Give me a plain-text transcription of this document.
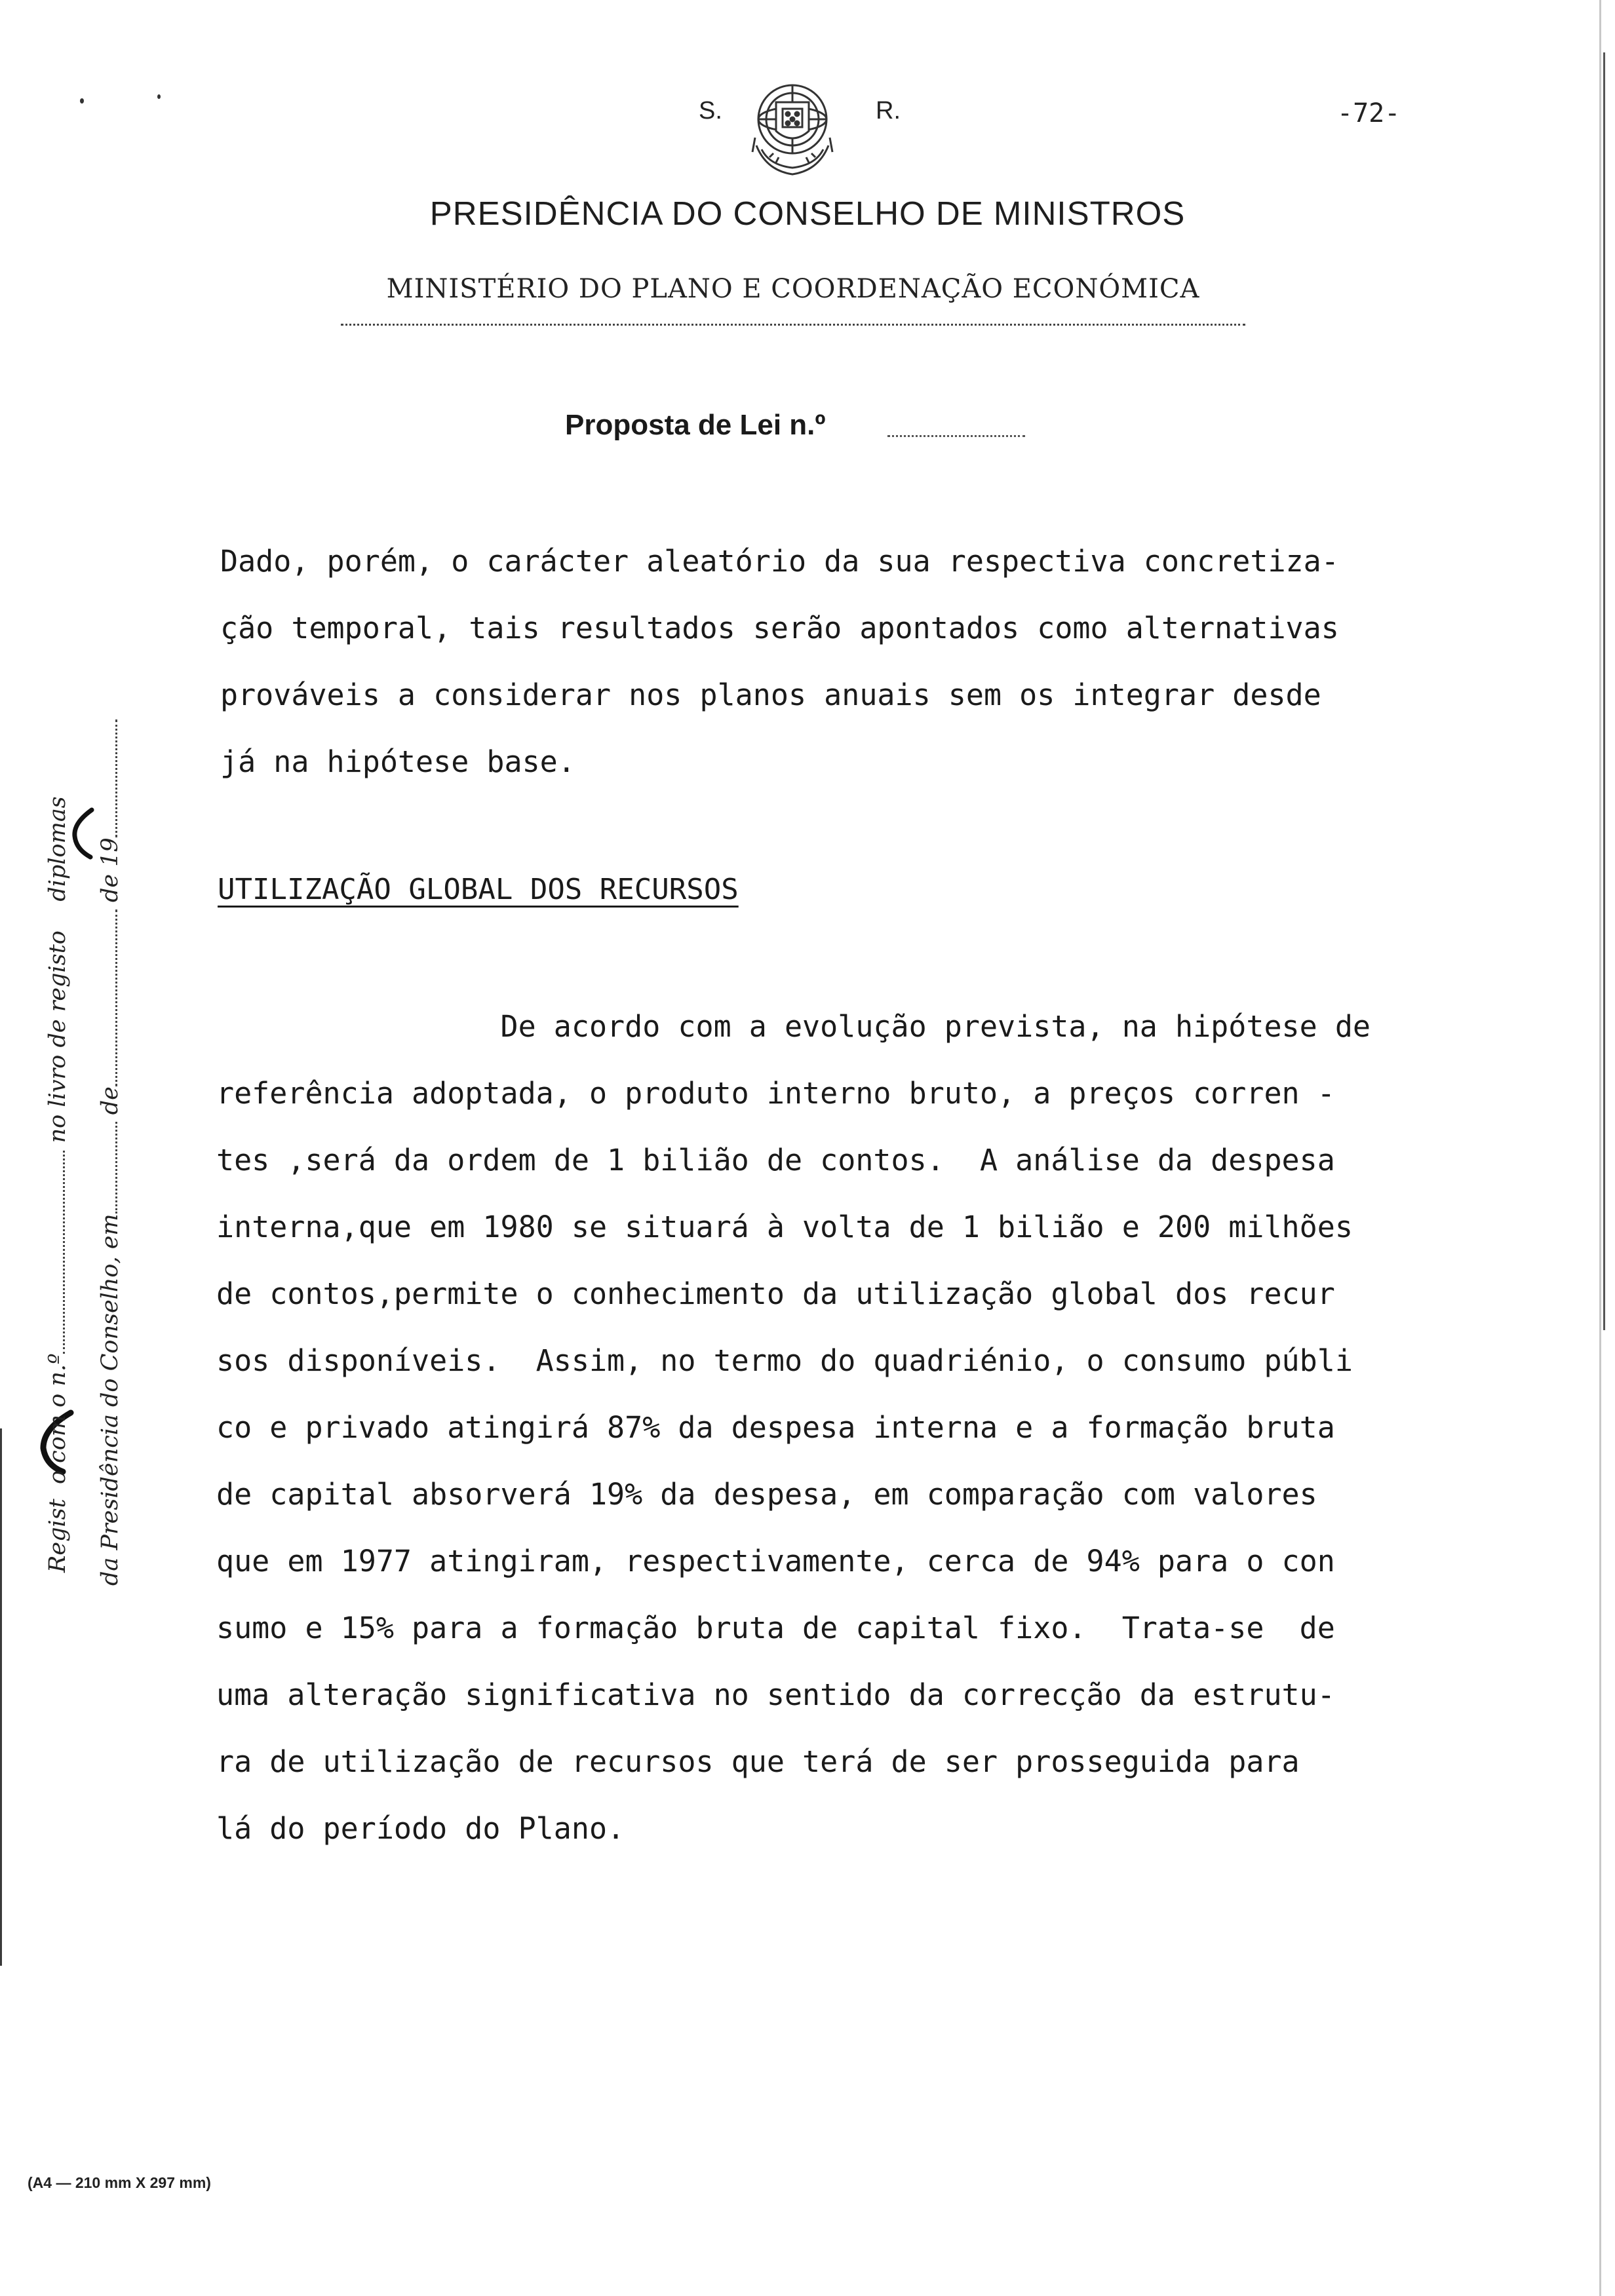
S.	R.	-72-
PRESIDÊNCIA DO CONSELHO DE MINISTROS
MINISTÉRIO DO PLANO E COORDENAÇÃO ECONÓMICA
Proposta de Lei n.º

Dado, porém, o carácter aleatório da sua respectiva concretiza-

ção temporal, tais resultados serão apontados como alternativas

prováveis a considerar nos planos anuais sem os integrar desde

já na hipótese base.

UTILIZAÇÃO GLOBAL DOS RECURSOS

De acordo com a evolução prevista, na hipótese de

referência adoptada, o produto interno bruto, a preços corren -

tes ,será da ordem de 1 bilião de contos.  A análise da despesa

interna,que em 1980 se situará à volta de 1 bilião e 200 milhões

de contos,permite o conhecimento da utilização global dos recur

sos disponíveis.  Assim, no termo do quadriénio, o consumo públi

co e privado atingirá 87% da despesa interna e a formação bruta

de capital absorverá 19% da despesa, em comparação com valores

que em 1977 atingiram, respectivamente, cerca de 94% para o con

sumo e 15% para a formação bruta de capital fixo.  Trata-se  de

uma alteração significativa no sentido da correcção da estrutu-

ra de utilização de recursos que terá de ser prosseguida para

lá do período do Plano.

Regist  o com o n.º no livro de registo    diplomas
da Presidência do Conselho, em de de 19
(A4 — 210 mm X 297 mm)
